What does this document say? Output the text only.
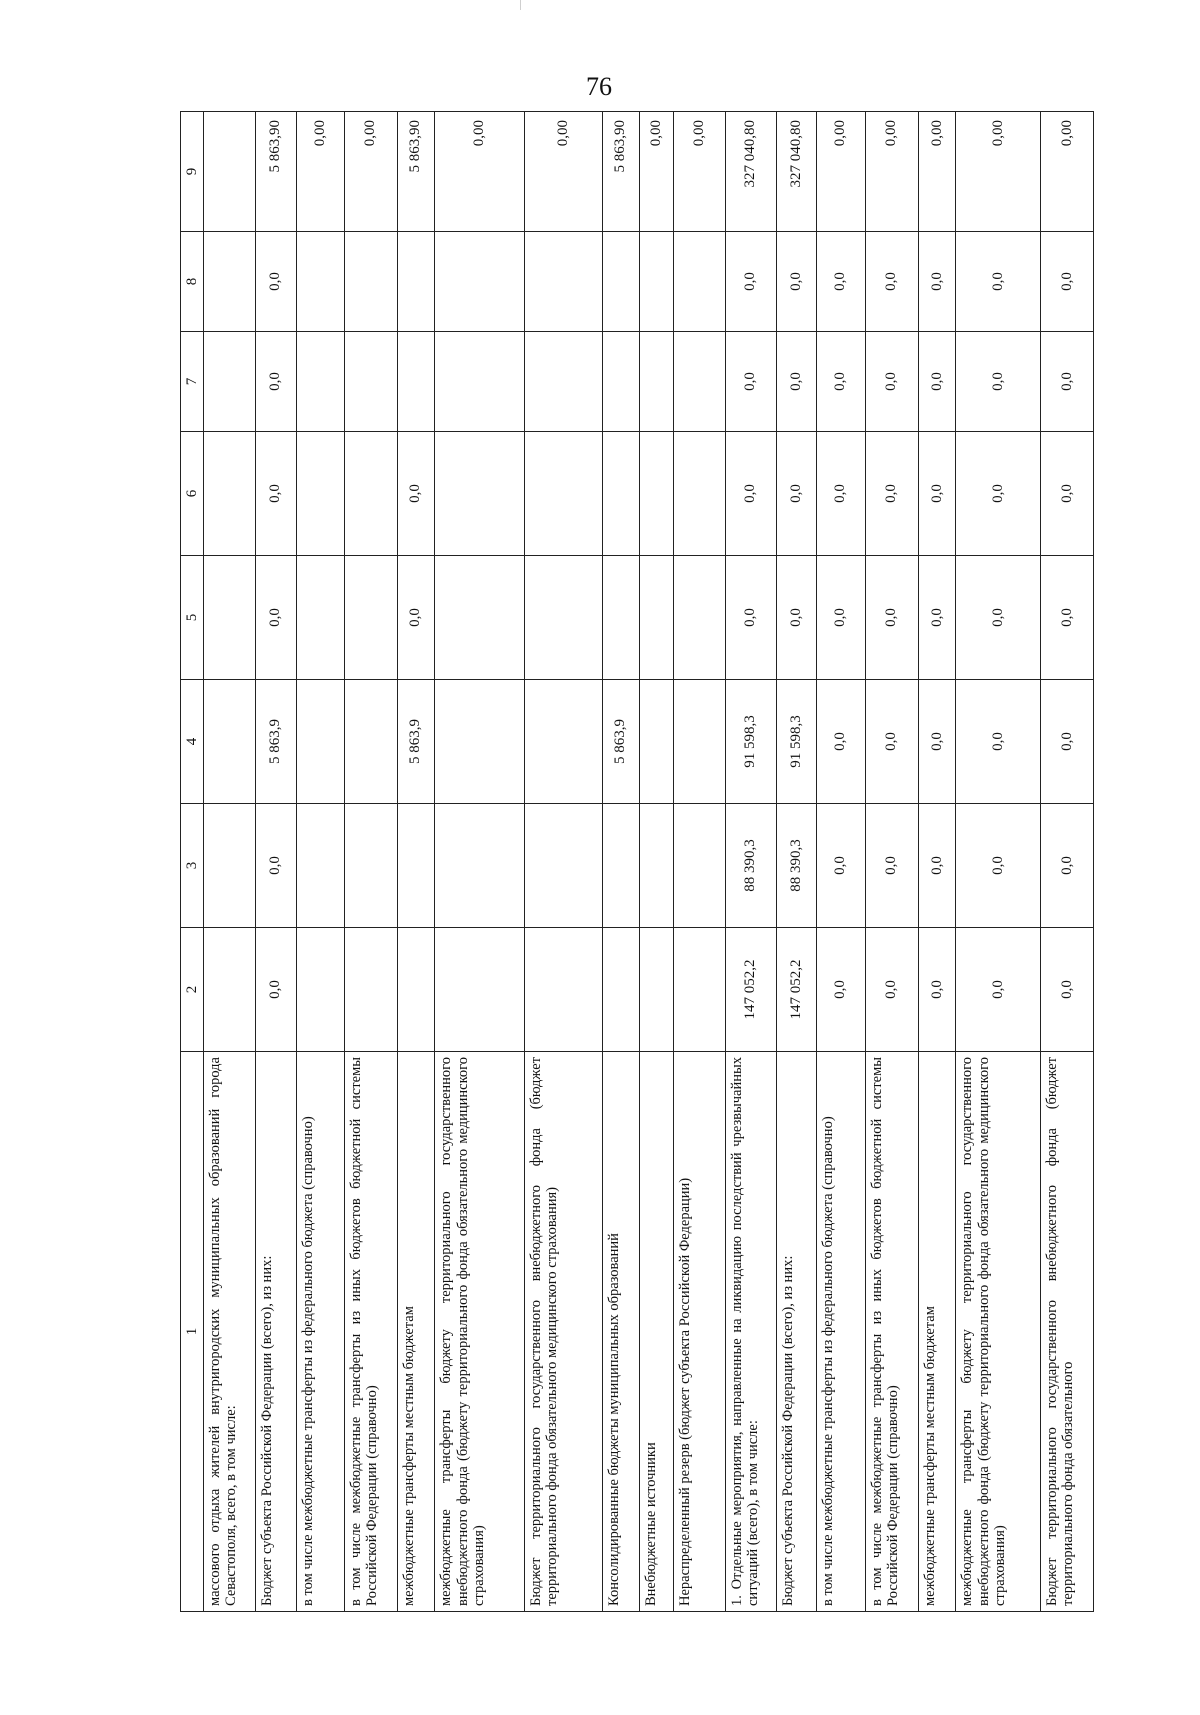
76
1	2	3	4	5	6	7	8	9
массового отдыха жителей внутригородских муниципальных образований города Севастополя, всего, в том числе:								
Бюджет субъекта Российской Федерации (всего), из них:	0,0	0,0	5 863,9	0,0	0,0	0,0	0,0	5 863,90
в том числе межбюджетные трансферты из федерального бюджета (справочно)								0,00
в том числе межбюджетные трансферты из иных бюджетов бюджетной системы Российской Федерации (справочно)								0,00
межбюджетные трансферты местным бюджетам			5 863,9	0,0	0,0			5 863,90
межбюджетные трансферты бюджету территориального государственного внебюджетного фонда (бюджету территориального фонда обязательного медицинского страхования)								0,00
Бюджет территориального государственного внебюджетного фонда (бюджет территориального фонда обязательного медицинского страхования)								0,00
Консолидированные бюджеты муниципальных образований			5 863,9					5 863,90
Внебюджетные источники								0,00
Нераспределенный резерв (бюджет субъекта Российской Федерации)								0,00
1. Отдельные мероприятия, направленные на ликвидацию последствий чрезвычайных ситуаций (всего), в том числе:	147 052,2	88 390,3	91 598,3	0,0	0,0	0,0	0,0	327 040,80
Бюджет субъекта Российской Федерации (всего), из них:	147 052,2	88 390,3	91 598,3	0,0	0,0	0,0	0,0	327 040,80
в том числе межбюджетные трансферты из федерального бюджета (справочно)	0,0	0,0	0,0	0,0	0,0	0,0	0,0	0,00
в том числе межбюджетные трансферты из иных бюджетов бюджетной системы Российской Федерации (справочно)	0,0	0,0	0,0	0,0	0,0	0,0	0,0	0,00
межбюджетные трансферты местным бюджетам	0,0	0,0	0,0	0,0	0,0	0,0	0,0	0,00
межбюджетные трансферты бюджету территориального государственного внебюджетного фонда (бюджету территориального фонда обязательного медицинского страхования)	0,0	0,0	0,0	0,0	0,0	0,0	0,0	0,00
Бюджет территориального государственного внебюджетного фонда (бюджет территориального фонда обязательного	0,0	0,0	0,0	0,0	0,0	0,0	0,0	0,00
